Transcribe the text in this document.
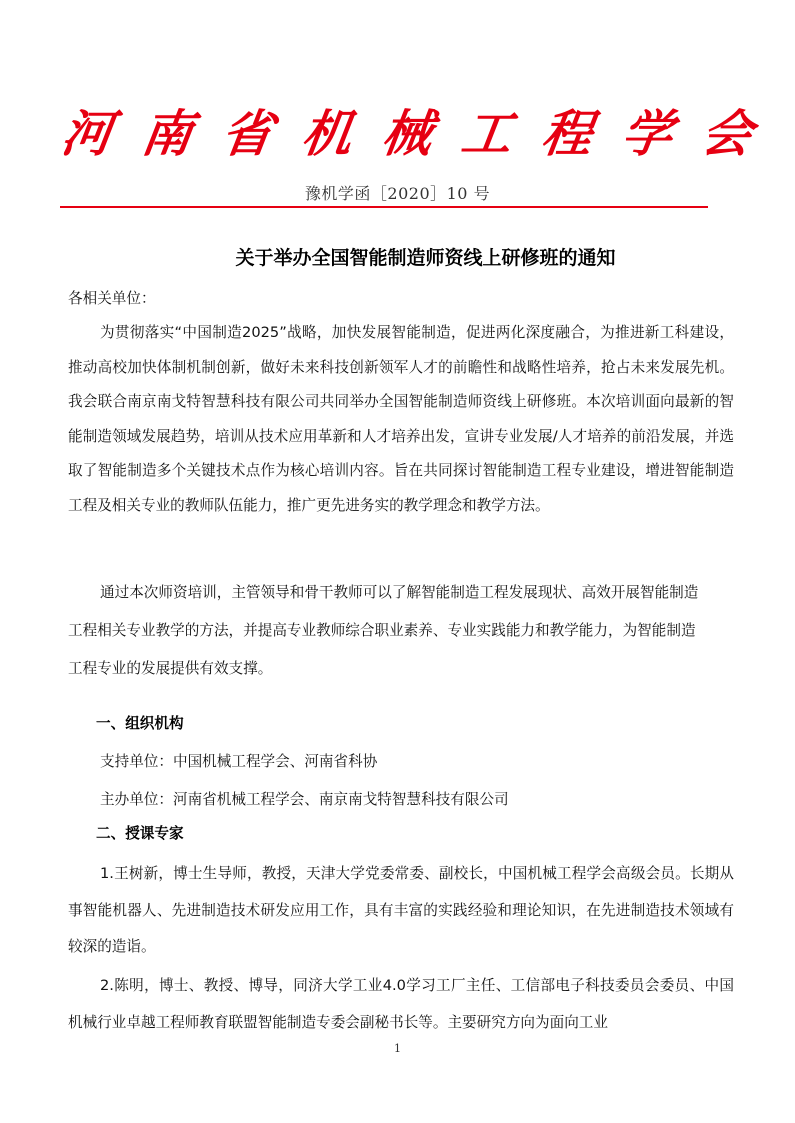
河 南 省 机 械 工 程 学 会
豫机学函［2020］10 号
关于举办全国智能制造师资线上研修班的通知
各相关单位：
为贯彻落实“中国制造2025”战略，加快发展智能制造，促进两化深度融合，为推进新工科建设，推动高校加快体制机制创新，做好未来科技创新领军人才的前瞻性和战略性培养，抢占未来发展先机。我会联合南京南戈特智慧科技有限公司共同举办全国智能制造师资线上研修班。本次培训面向最新的智能制造领域发展趋势，培训从技术应用革新和人才培养出发，宣讲专业发展/人才培养的前沿发展，并选取了智能制造多个关键技术点作为核心培训内容。旨在共同探讨智能制造工程专业建设，增进智能制造工程及相关专业的教师队伍能力，推广更先进务实的教学理念和教学方法。
通过本次师资培训，主管领导和骨干教师可以了解智能制造工程发展现状、高效开展智能制造工程相关专业教学的方法，并提高专业教师综合职业素养、专业实践能力和教学能力，为智能制造工程专业的发展提供有效支撑。
一、组织机构
支持单位：中国机械工程学会、河南省科协
主办单位：河南省机械工程学会、南京南戈特智慧科技有限公司
二、授课专家
1.王树新，博士生导师，教授，天津大学党委常委、副校长，中国机械工程学会高级会员。长期从事智能机器人、先进制造技术研发应用工作，具有丰富的实践经验和理论知识，在先进制造技术领域有较深的造诣。
2.陈明，博士、教授、博导，同济大学工业4.0学习工厂主任、工信部电子科技委员会委员、中国机械行业卓越工程师教育联盟智能制造专委会副秘书长等。主要研究方向为面向工业
1
